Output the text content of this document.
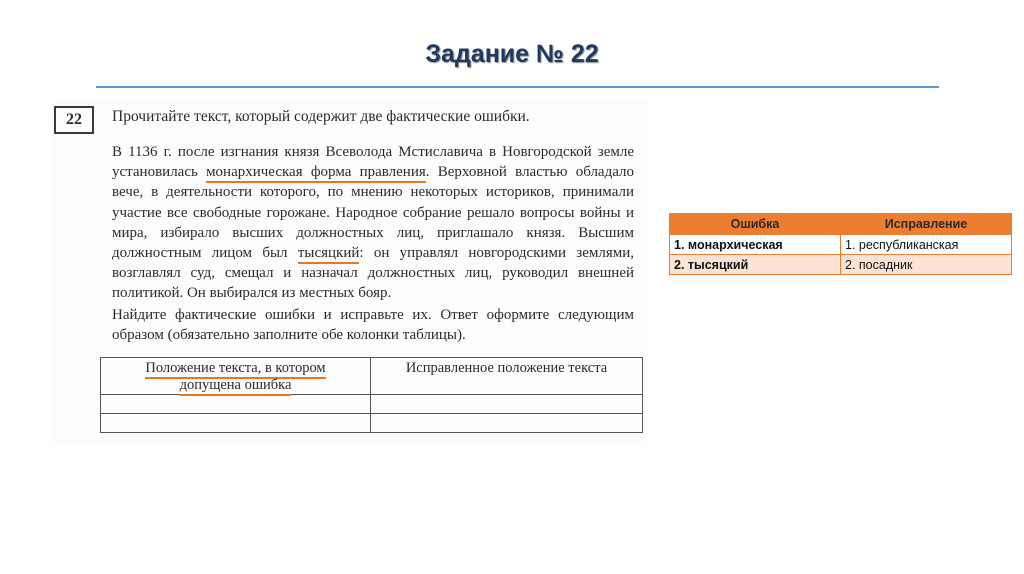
Задание № 22
22	Прочитайте текст, который содержит две фактические ошибки.
В 1136 г. после изгнания князя Всеволода Мстиславича в Новгородской земле установилась монархическая форма правления. Верховной властью обладало вече, в деятельности которого, по мнению некоторых историков, принимали участие все свободные горожане. Народное собрание решало вопросы войны и мира, избирало высших должностных лиц, приглашало князя. Высшим должностным лицом был тысяцкий: он управлял новгородскими землями, возглавлял суд, смещал и назначал должностных лиц, руководил внешней политикой. Он выбирался из местных бояр.
Найдите фактические ошибки и исправьте их. Ответ оформите следующим образом (обязательно заполните обе колонки таблицы).
Положение текста, в котором
допущена ошибка	Исправленное положение текста

Ошибка	Исправление
1. монархическая	1. республиканская
2. тысяцкий	2. посадник
